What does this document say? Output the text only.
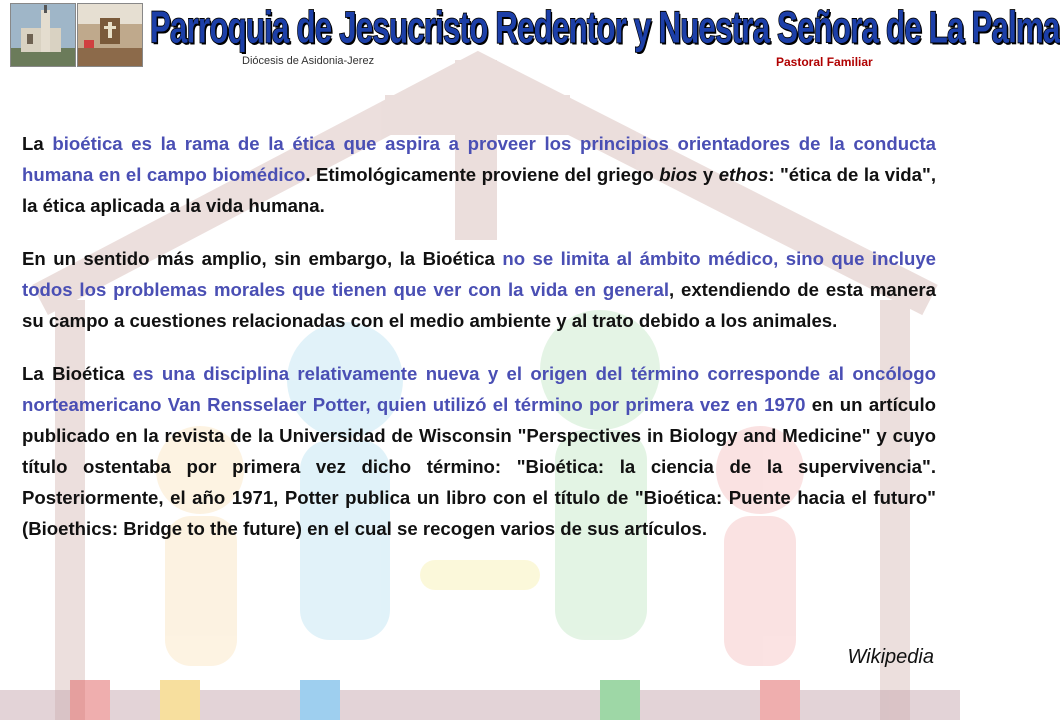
Parroquia de Jesucristo Redentor y Nuestra Señora de La Palma
Diócesis de Asidonia-Jerez	Pastoral Familiar

La bioética es la rama de la ética que aspira a proveer los principios orientadores de la conducta humana en el campo biomédico. Etimológicamente proviene del griego bios y ethos: "ética de la vida", la ética aplicada a la vida humana.

En un sentido más amplio, sin embargo, la Bioética no se limita al ámbito médico, sino que incluye todos los problemas morales que tienen que ver con la vida en general, extendiendo de esta manera su campo a cuestiones relacionadas con el medio ambiente y al trato debido a los animales.

La Bioética es una disciplina relativamente nueva y el origen del término corresponde al oncólogo norteamericano Van Rensselaer Potter, quien utilizó el término por primera vez en 1970 en un artículo publicado en la revista de la Universidad de Wisconsin "Perspectives in Biology and Medicine" y cuyo título ostentaba por primera vez dicho término: "Bioética: la ciencia de la supervivencia". Posteriormente, el año 1971, Potter publica un libro con el título de "Bioética: Puente hacia el futuro" (Bioethics: Bridge to the future) en el cual se recogen varios de sus artículos.

Wikipedia
